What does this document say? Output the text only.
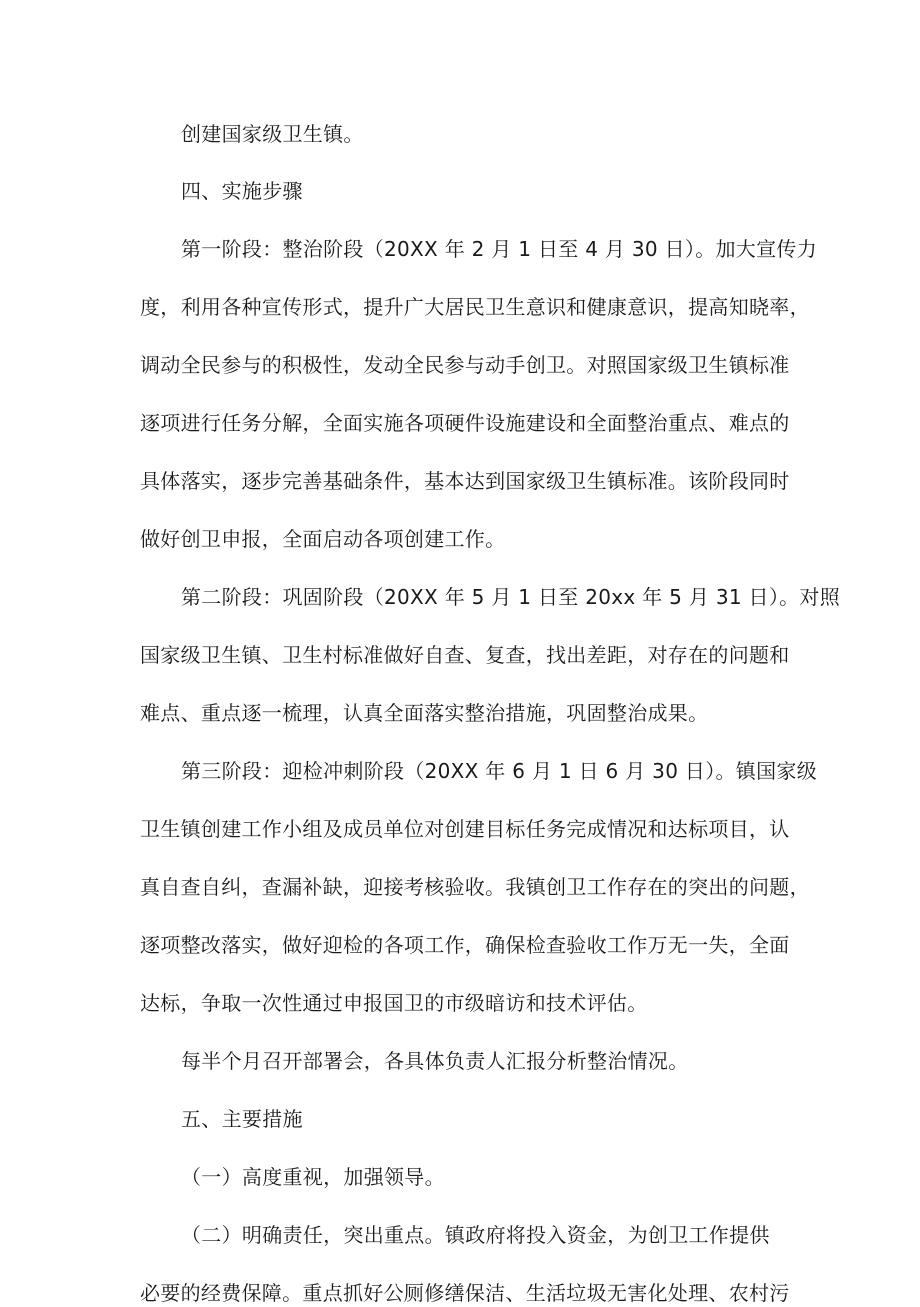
创建国家级卫生镇。
四、实施步骤
第一阶段：整治阶段（20XX 年 2 月 1 日至 4 月 30 日）。加大宣传力
度，利用各种宣传形式，提升广大居民卫生意识和健康意识，提高知晓率，
调动全民参与的积极性，发动全民参与动手创卫。对照国家级卫生镇标准
逐项进行任务分解，全面实施各项硬件设施建设和全面整治重点、难点的
具体落实，逐步完善基础条件，基本达到国家级卫生镇标准。该阶段同时
做好创卫申报，全面启动各项创建工作。
第二阶段：巩固阶段（20XX 年 5 月 1 日至 20xx 年 5 月 31 日）。对照
国家级卫生镇、卫生村标准做好自查、复查，找出差距，对存在的问题和
难点、重点逐一梳理，认真全面落实整治措施，巩固整治成果。
第三阶段：迎检冲刺阶段（20XX 年 6 月 1 日 6 月 30 日）。镇国家级
卫生镇创建工作小组及成员单位对创建目标任务完成情况和达标项目，认
真自查自纠，查漏补缺，迎接考核验收。我镇创卫工作存在的突出的问题，
逐项整改落实，做好迎检的各项工作，确保检查验收工作万无一失，全面
达标，争取一次性通过申报国卫的市级暗访和技术评估。
每半个月召开部署会，各具体负责人汇报分析整治情况。
五、主要措施
（一）高度重视，加强领导。
（二）明确责任，突出重点。镇政府将投入资金，为创卫工作提供
必要的经费保障。重点抓好公厕修缮保洁、生活垃圾无害化处理、农村污
